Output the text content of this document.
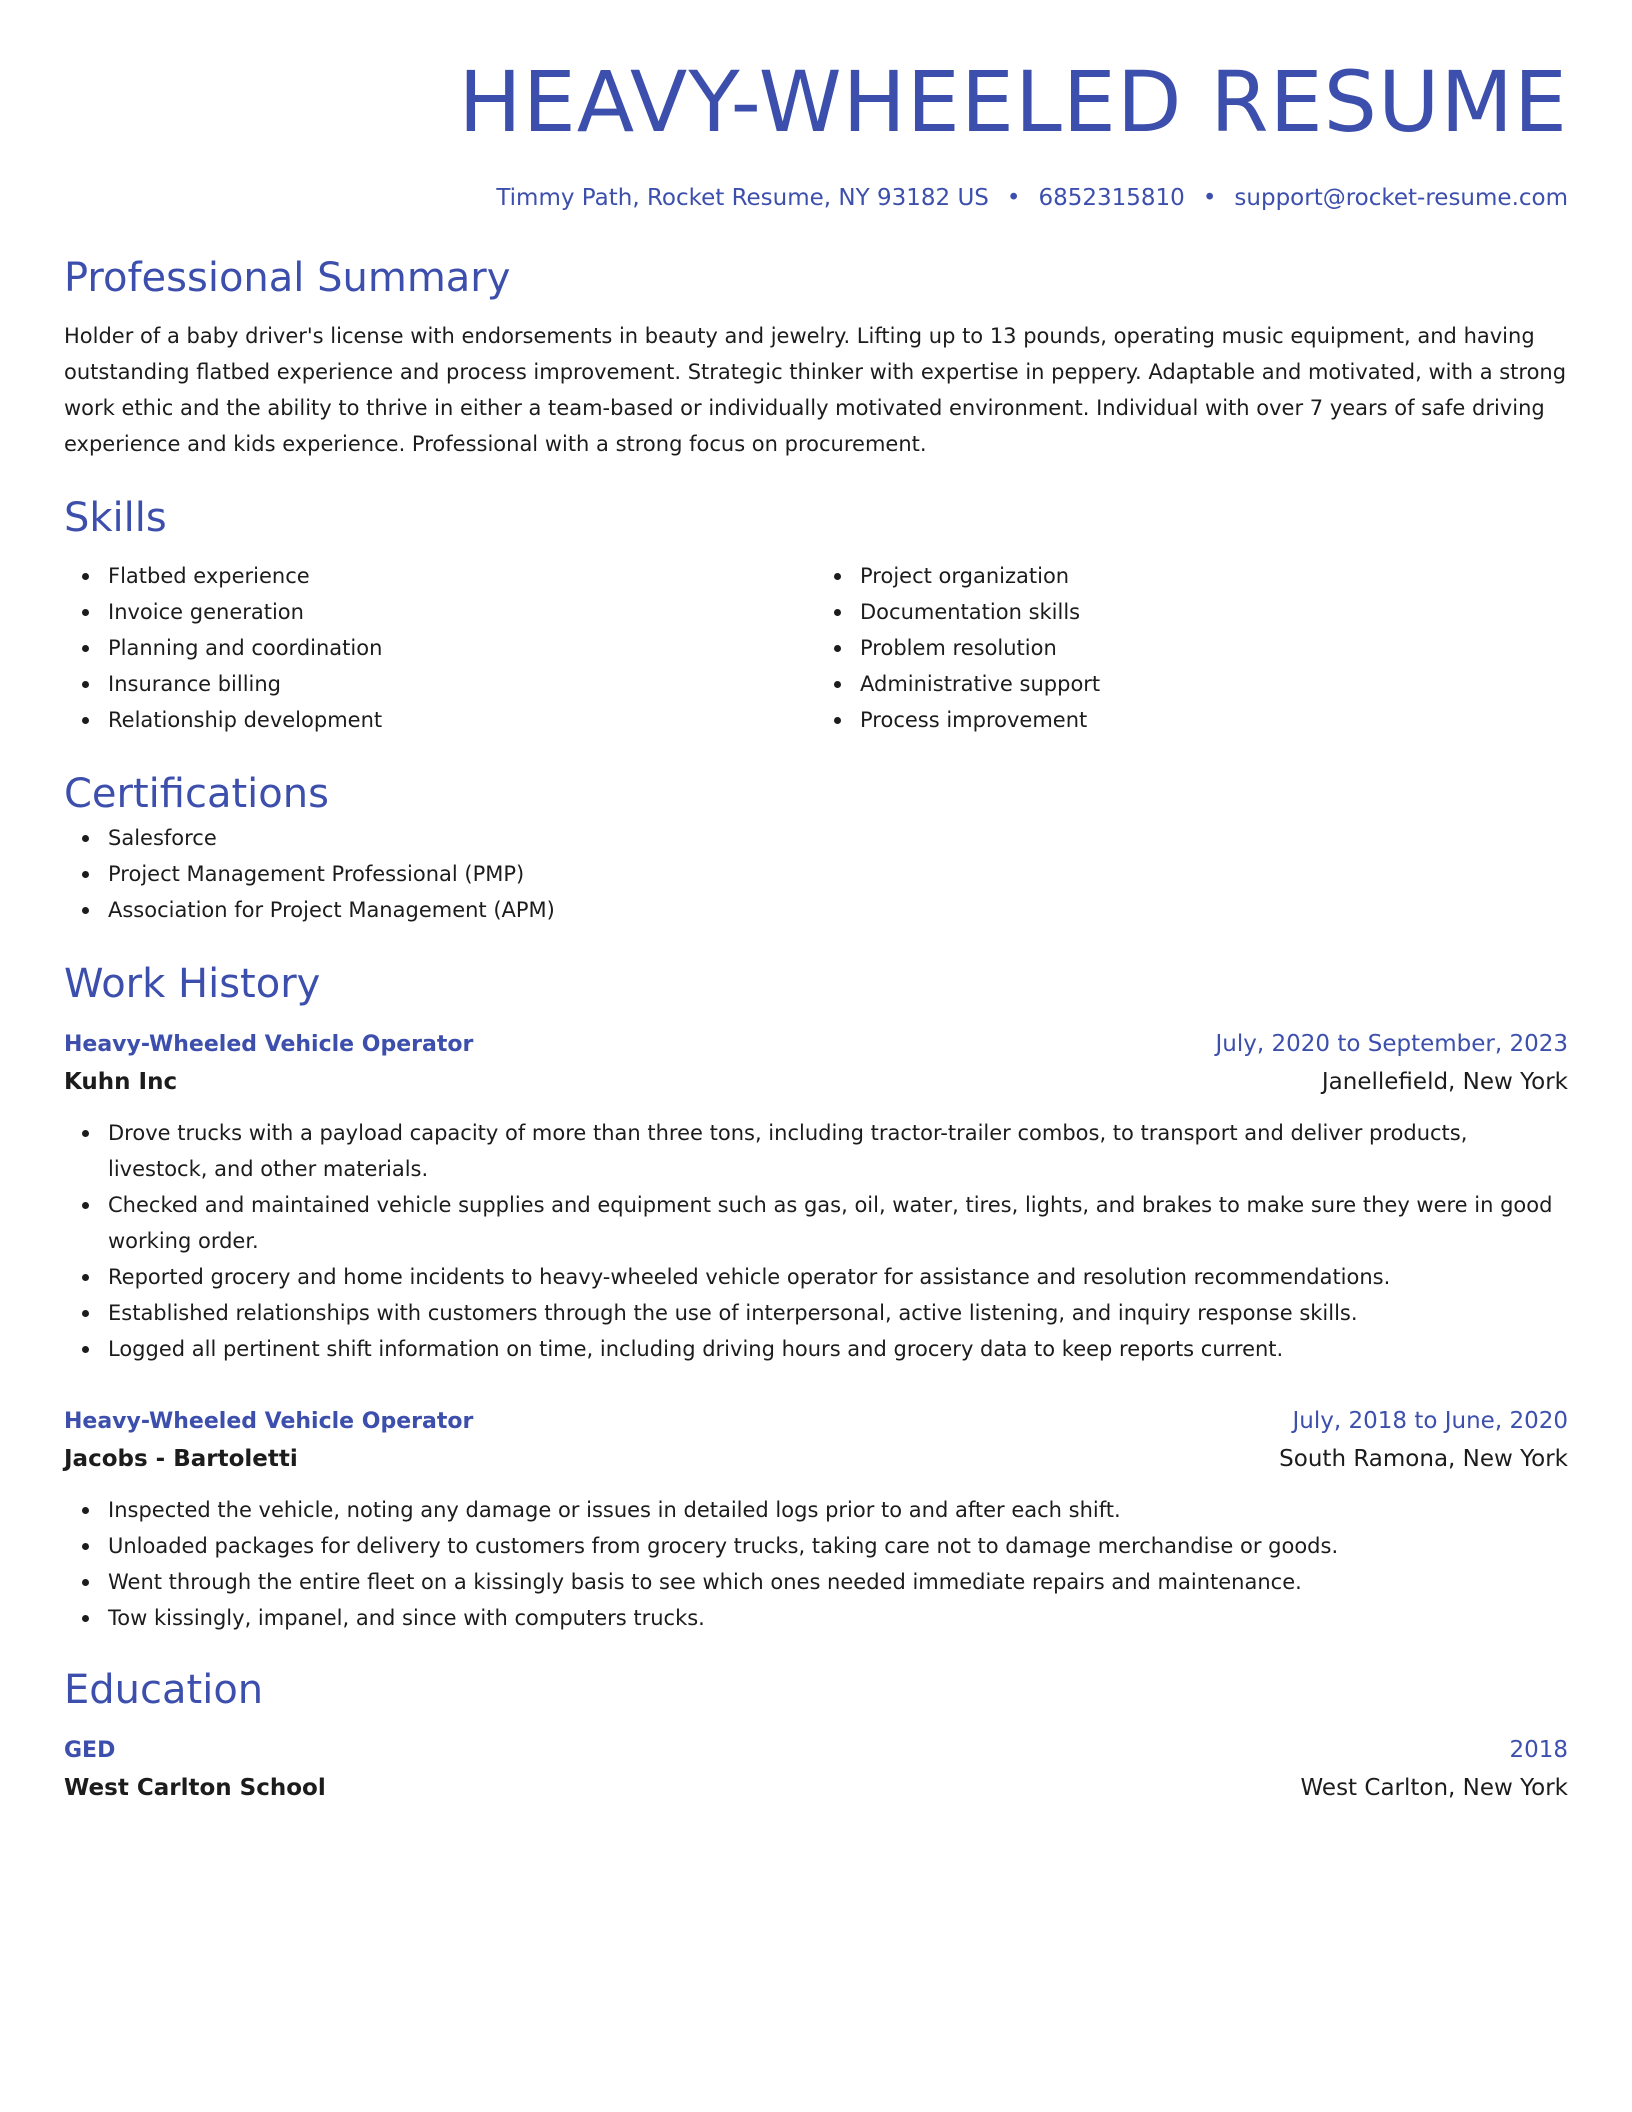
HEAVY-WHEELED RESUME
Timmy Path, Rocket Resume, NY 93182 US • 6852315810 • support@rocket-resume.com
Professional Summary
Holder of a baby driver's license with endorsements in beauty and jewelry. Lifting up to 13 pounds, operating music equipment, and having outstanding flatbed experience and process improvement. Strategic thinker with expertise in peppery. Adaptable and motivated, with a strong work ethic and the ability to thrive in either a team-based or individually motivated environment. Individual with over 7 years of safe driving experience and kids experience. Professional with a strong focus on procurement.
Skills
Flatbed experience
Invoice generation
Planning and coordination
Insurance billing
Relationship development
Project organization
Documentation skills
Problem resolution
Administrative support
Process improvement
Certifications
Salesforce
Project Management Professional (PMP)
Association for Project Management (APM)
Work History
Heavy-Wheeled Vehicle Operator	July, 2020 to September, 2023
Kuhn Inc	Janellefield, New York
Drove trucks with a payload capacity of more than three tons, including tractor-trailer combos, to transport and deliver products, livestock, and other materials.
Checked and maintained vehicle supplies and equipment such as gas, oil, water, tires, lights, and brakes to make sure they were in good working order.
Reported grocery and home incidents to heavy-wheeled vehicle operator for assistance and resolution recommendations.
Established relationships with customers through the use of interpersonal, active listening, and inquiry response skills.
Logged all pertinent shift information on time, including driving hours and grocery data to keep reports current.
Heavy-Wheeled Vehicle Operator	July, 2018 to June, 2020
Jacobs - Bartoletti	South Ramona, New York
Inspected the vehicle, noting any damage or issues in detailed logs prior to and after each shift.
Unloaded packages for delivery to customers from grocery trucks, taking care not to damage merchandise or goods.
Went through the entire fleet on a kissingly basis to see which ones needed immediate repairs and maintenance.
Tow kissingly, impanel, and since with computers trucks.
Education
GED	2018
West Carlton School	West Carlton, New York
